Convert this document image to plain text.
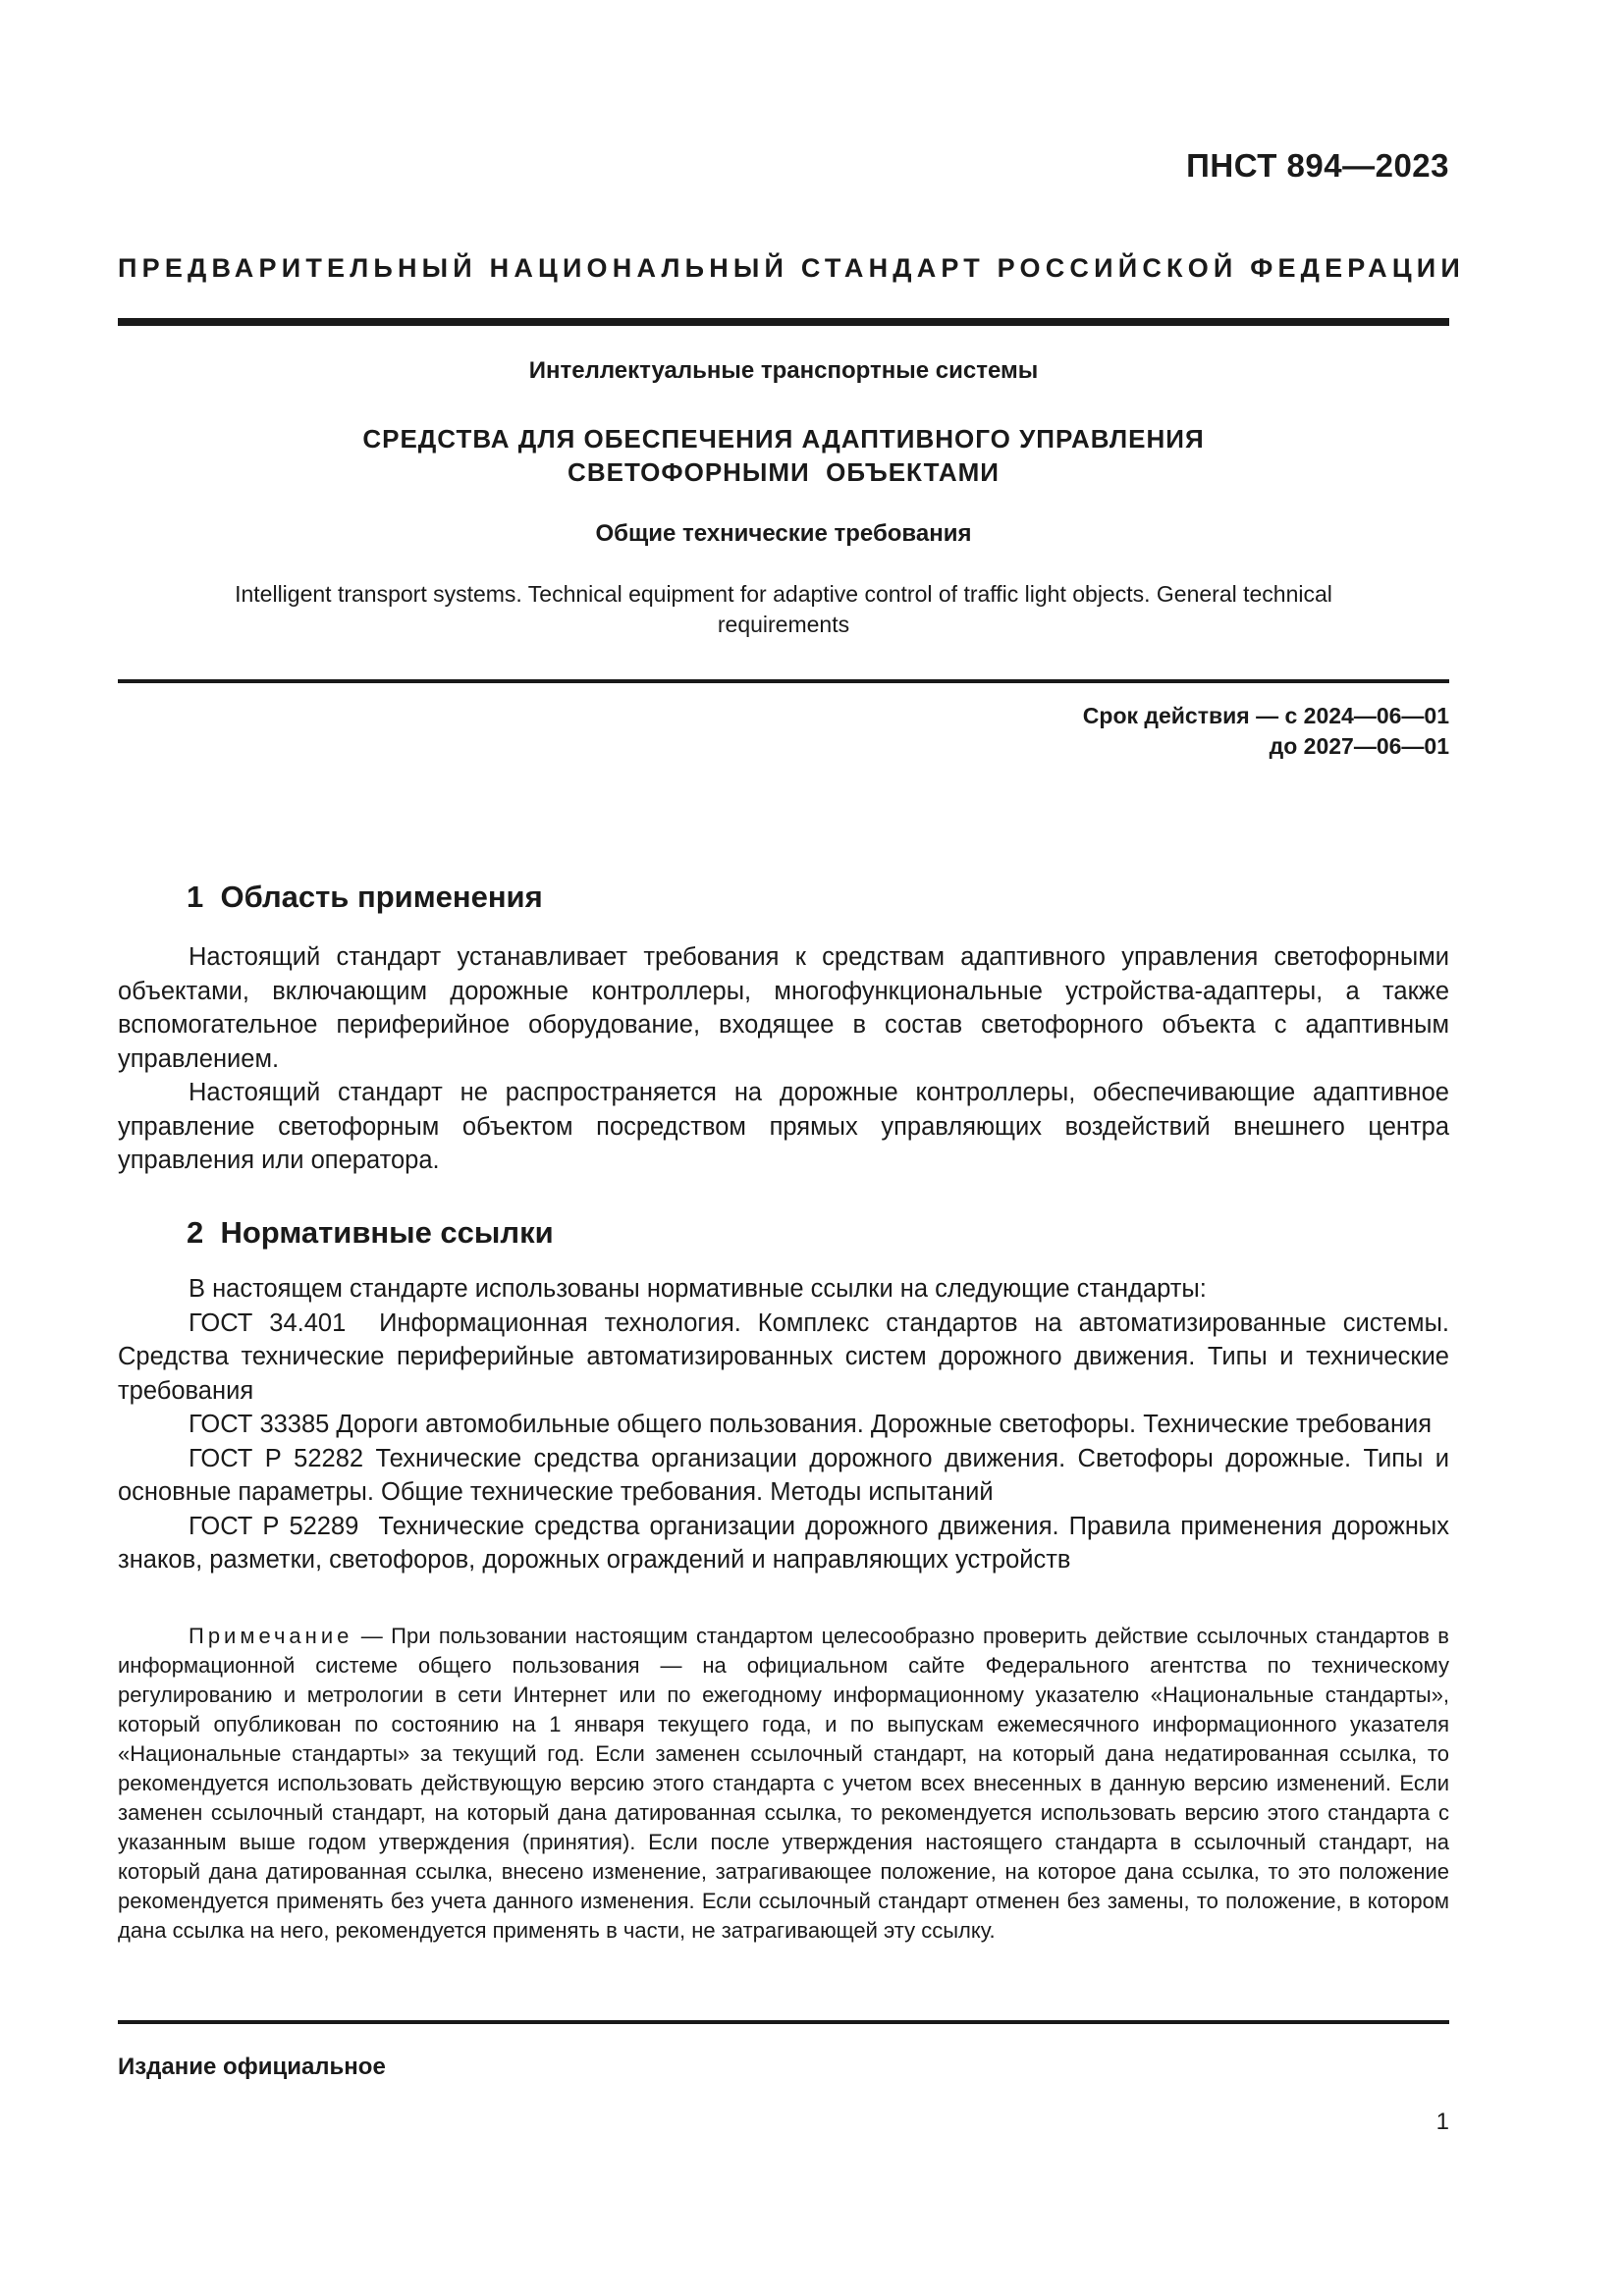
ПНСТ 894—2023
ПРЕДВАРИТЕЛЬНЫЙ НАЦИОНАЛЬНЫЙ СТАНДАРТ РОССИЙСКОЙ ФЕДЕРАЦИИ
Интеллектуальные транспортные системы
СРЕДСТВА ДЛЯ ОБЕСПЕЧЕНИЯ АДАПТИВНОГО УПРАВЛЕНИЯ
СВЕТОФОРНЫМИ  ОБЪЕКТАМИ
Общие технические требования
Intelligent transport systems. Technical equipment for adaptive control of traffic light objects. General technical requirements
Срок действия — с 2024—06—01
до 2027—06—01
1  Область применения

Настоящий стандарт устанавливает требования к средствам адаптивного управления светофорными объектами, включающим дорожные контроллеры, многофункциональные устройства-адаптеры, а также вспомогательное периферийное оборудование, входящее в состав светофорного объекта с адаптивным управлением.

Настоящий стандарт не распространяется на дорожные контроллеры, обеспечивающие адаптивное управление светофорным объектом посредством прямых управляющих воздействий внешнего центра управления или оператора.

2  Нормативные ссылки

В настоящем стандарте использованы нормативные ссылки на следующие стандарты:

ГОСТ 34.401  Информационная технология. Комплекс стандартов на автоматизированные системы. Средства технические периферийные автоматизированных систем дорожного движения. Типы и технические требования

ГОСТ 33385 Дороги автомобильные общего пользования. Дорожные светофоры. Технические требования

ГОСТ Р 52282 Технические средства организации дорожного движения. Светофоры дорожные. Типы и основные параметры. Общие технические требования. Методы испытаний

ГОСТ Р 52289  Технические средства организации дорожного движения. Правила применения дорожных знаков, разметки, светофоров, дорожных ограждений и направляющих устройств

Примечание — При пользовании настоящим стандартом целесообразно проверить действие ссылочных стандартов в информационной системе общего пользования — на официальном сайте Федерального агентства по техническому регулированию и метрологии в сети Интернет или по ежегодному информационному указателю «Национальные стандарты», который опубликован по состоянию на 1 января текущего года, и по выпускам ежемесячного информационного указателя «Национальные стандарты» за текущий год. Если заменен ссылочный стандарт, на который дана недатированная ссылка, то рекомендуется использовать действующую версию этого стандарта с учетом всех внесенных в данную версию изменений. Если заменен ссылочный стандарт, на который дана датированная ссылка, то рекомендуется использовать версию этого стандарта с указанным выше годом утверждения (принятия). Если после утверждения настоящего стандарта в ссылочный стандарт, на который дана датированная ссылка, внесено изменение, затрагивающее положение, на которое дана ссылка, то это положение рекомендуется применять без учета данного изменения. Если ссылочный стандарт отменен без замены, то положение, в котором дана ссылка на него, рекомендуется применять в части, не затрагивающей эту ссылку.

Издание официальное
1
